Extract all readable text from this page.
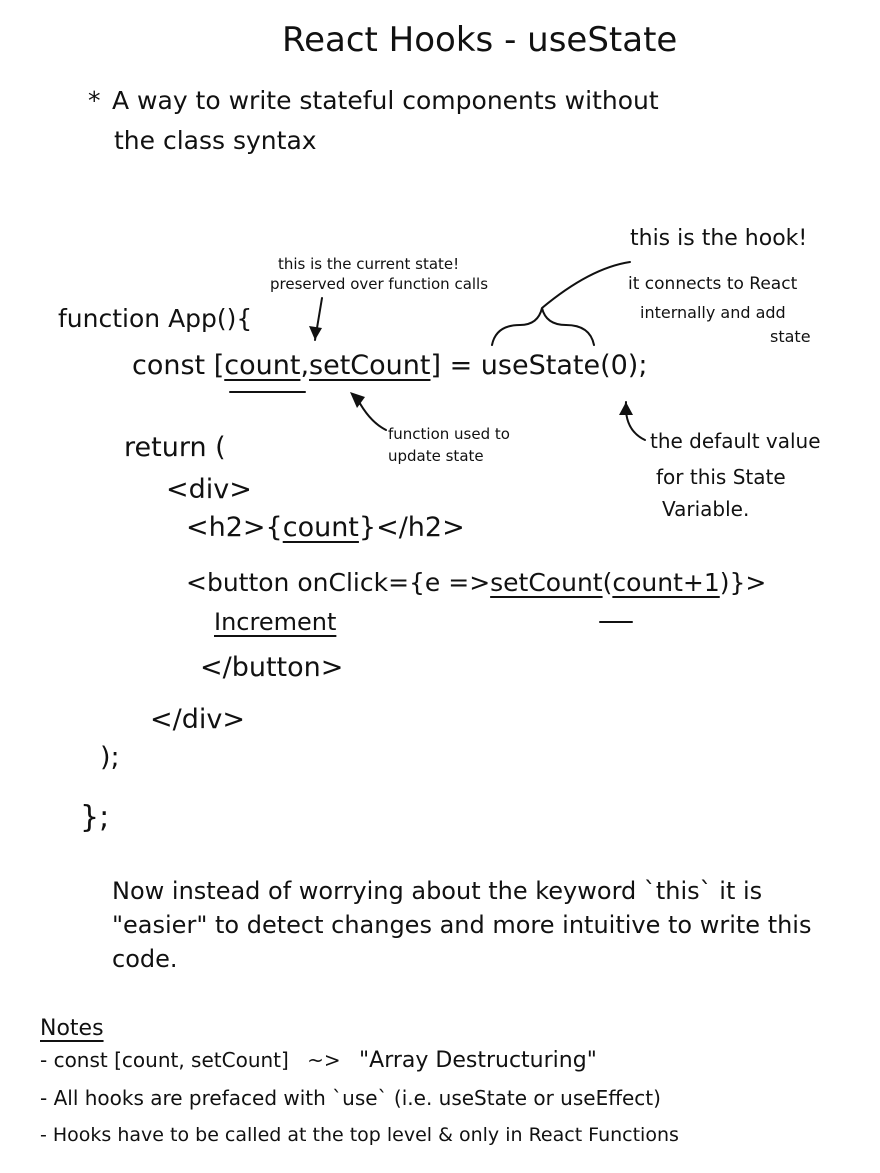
React Hooks - useState
* A way to write stateful components without
the class syntax
this is the current state!
preserved over function calls
this is the hook!
it connects to React
internally and add
state
function App(){
const [count,setCount] = useState(0);
function used to
update state
the default value
for this State
Variable.
return (
<div>
<h2>{count}</h2>
<button onClick={e =>setCount(count+1)}>
Increment
</button>
</div>
);
};
Now instead of worrying about the keyword `this` it is "easier" to detect changes and more intuitive to write this code.
Notes
- const [count, setCount] ~> "Array Destructuring"
- All hooks are prefaced with `use` (i.e. useState or useEffect)
- Hooks have to be called at the top level & only in React Functions
